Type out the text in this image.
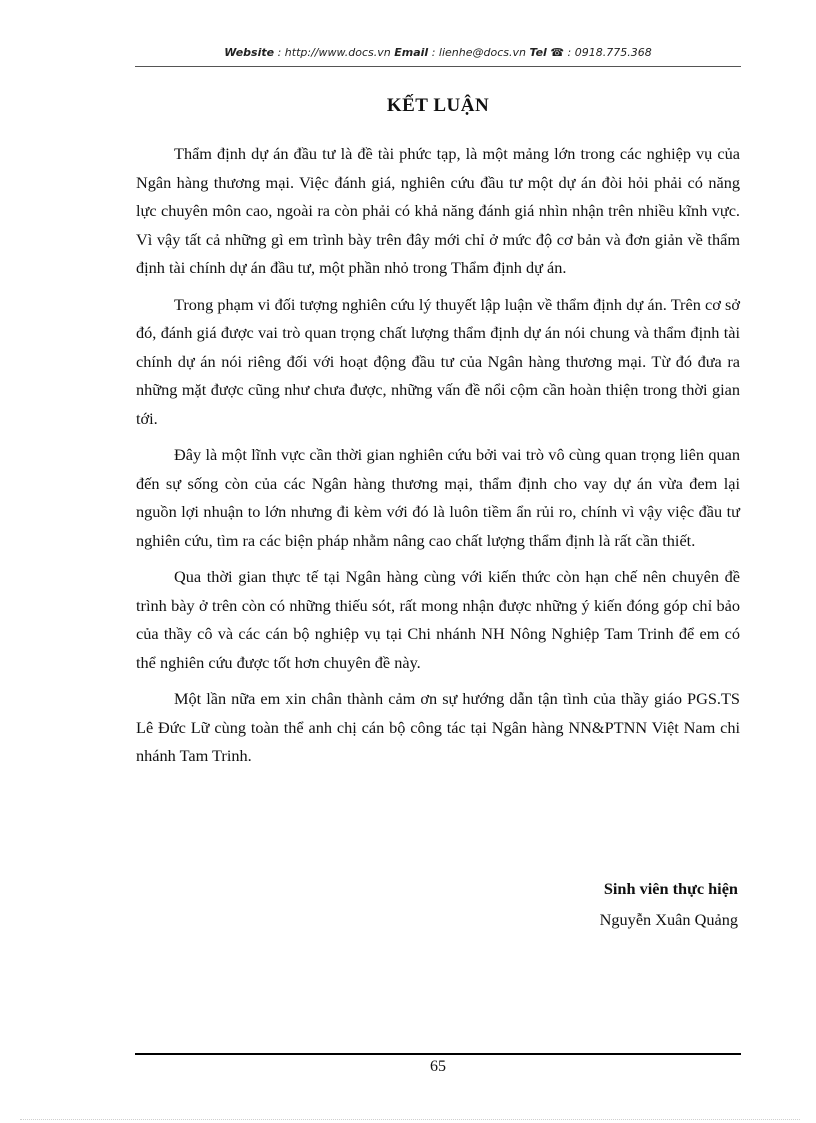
Website : http://www.docs.vn Email : lienhe@docs.vn Tel ☎ : 0918.775.368
KẾT LUẬN

Thẩm định dự án đầu tư là đề tài phức tạp, là một mảng lớn trong các nghiệp vụ của Ngân hàng thương mại. Việc đánh giá, nghiên cứu đầu tư một dự án đòi hỏi phải có năng lực chuyên môn cao, ngoài ra còn phải có khả năng đánh giá nhìn nhận trên nhiều kĩnh vực. Vì vậy tất cả những gì em trình bày trên đây mới chỉ ở mức độ cơ bản và đơn giản về thẩm định tài chính dự án đầu tư, một phần nhỏ trong Thẩm định dự án.

Trong phạm vi đối tượng nghiên cứu lý thuyết lập luận về thẩm định dự án. Trên cơ sở đó, đánh giá được vai trò quan trọng chất lượng thẩm định dự án nói chung và thẩm định tài chính dự án nói riêng đối với hoạt động đầu tư của Ngân hàng thương mại. Từ đó đưa ra những mặt được cũng như chưa được, những vấn đề nổi cộm cần hoàn thiện trong thời gian tới.

Đây là một lĩnh vực cần thời gian nghiên cứu bởi vai trò vô cùng quan trọng liên quan đến sự sống còn của các Ngân hàng thương mại, thẩm định cho vay dự án vừa đem lại nguồn lợi nhuận to lớn nhưng đi kèm với đó là luôn tiềm ẩn rủi ro, chính vì vậy việc đầu tư nghiên cứu, tìm ra các biện pháp nhằm nâng cao chất lượng thẩm định là rất cần thiết.

Qua thời gian thực tế tại Ngân hàng cùng với kiến thức còn hạn chế nên chuyên đề trình bày ở trên còn có những thiếu sót, rất mong nhận được những ý kiến đóng góp chỉ bảo của thầy cô và các cán bộ nghiệp vụ tại Chi nhánh NH Nông Nghiệp Tam Trinh để em có thể nghiên cứu được tốt hơn chuyên đề này.

Một lần nữa em xin chân thành cảm ơn sự hướng dẫn tận tình của thầy giáo PGS.TS Lê Đức Lữ cùng toàn thể anh chị cán bộ công tác tại Ngân hàng NN&PTNN Việt Nam chi nhánh Tam Trinh.

Sinh viên thực hiện
Nguyễn Xuân Quảng
65
